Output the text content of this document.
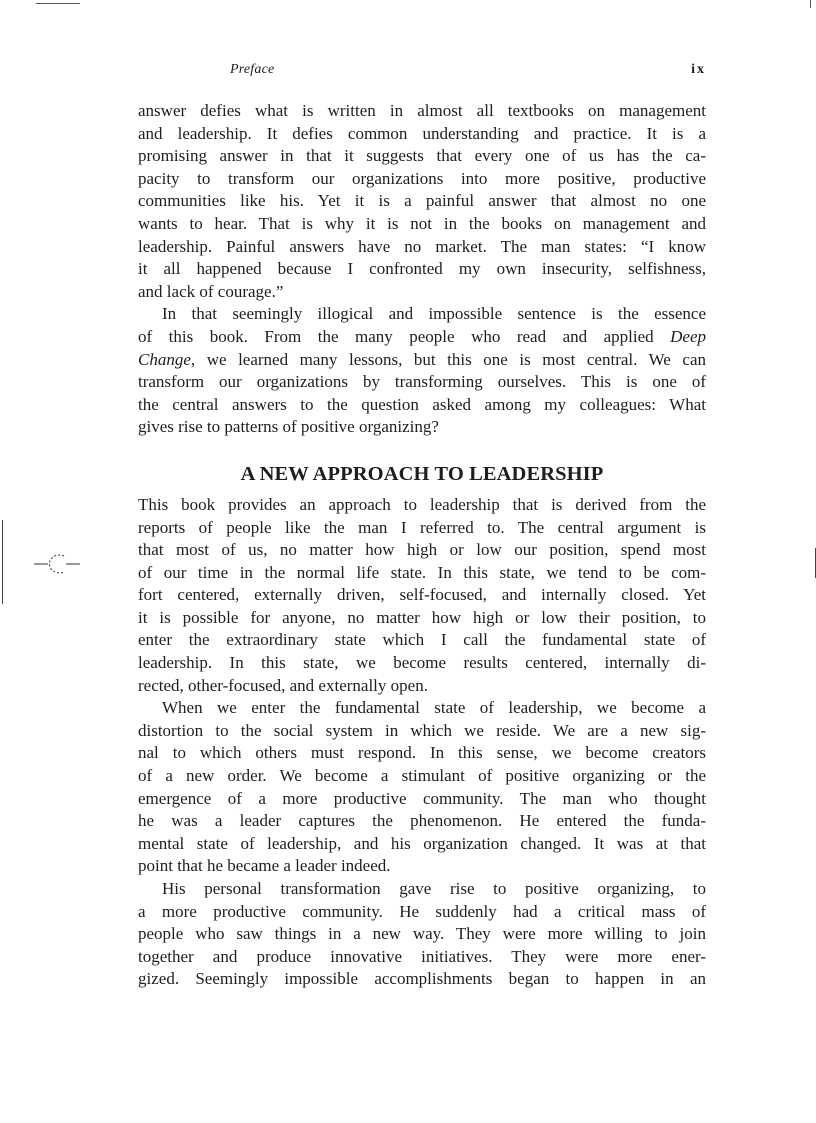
Preface	ix

answer defies what is written in almost all textbooks on management
and leadership. It defies common understanding and practice. It is a
promising answer in that it suggests that every one of us has the ca-
pacity to transform our organizations into more positive, productive
communities like his. Yet it is a painful answer that almost no one
wants to hear. That is why it is not in the books on management and
leadership. Painful answers have no market. The man states: “I know
it all happened because I confronted my own insecurity, selfishness,
and lack of courage.”

In that seemingly illogical and impossible sentence is the essence
of this book. From the many people who read and applied Deep
Change, we learned many lessons, but this one is most central. We can
transform our organizations by transforming ourselves. This is one of
the central answers to the question asked among my colleagues: What
gives rise to patterns of positive organizing?

A NEW APPROACH TO LEADERSHIP

This book provides an approach to leadership that is derived from the
reports of people like the man I referred to. The central argument is
that most of us, no matter how high or low our position, spend most
of our time in the normal life state. In this state, we tend to be com-
fort centered, externally driven, self-focused, and internally closed. Yet
it is possible for anyone, no matter how high or low their position, to
enter the extraordinary state which I call the fundamental state of
leadership. In this state, we become results centered, internally di-
rected, other-focused, and externally open.

When we enter the fundamental state of leadership, we become a
distortion to the social system in which we reside. We are a new sig-
nal to which others must respond. In this sense, we become creators
of a new order. We become a stimulant of positive organizing or the
emergence of a more productive community. The man who thought
he was a leader captures the phenomenon. He entered the funda-
mental state of leadership, and his organization changed. It was at that
point that he became a leader indeed.

His personal transformation gave rise to positive organizing, to
a more productive community. He suddenly had a critical mass of
people who saw things in a new way. They were more willing to join
together and produce innovative initiatives. They were more ener-
gized. Seemingly impossible accomplishments began to happen in an
